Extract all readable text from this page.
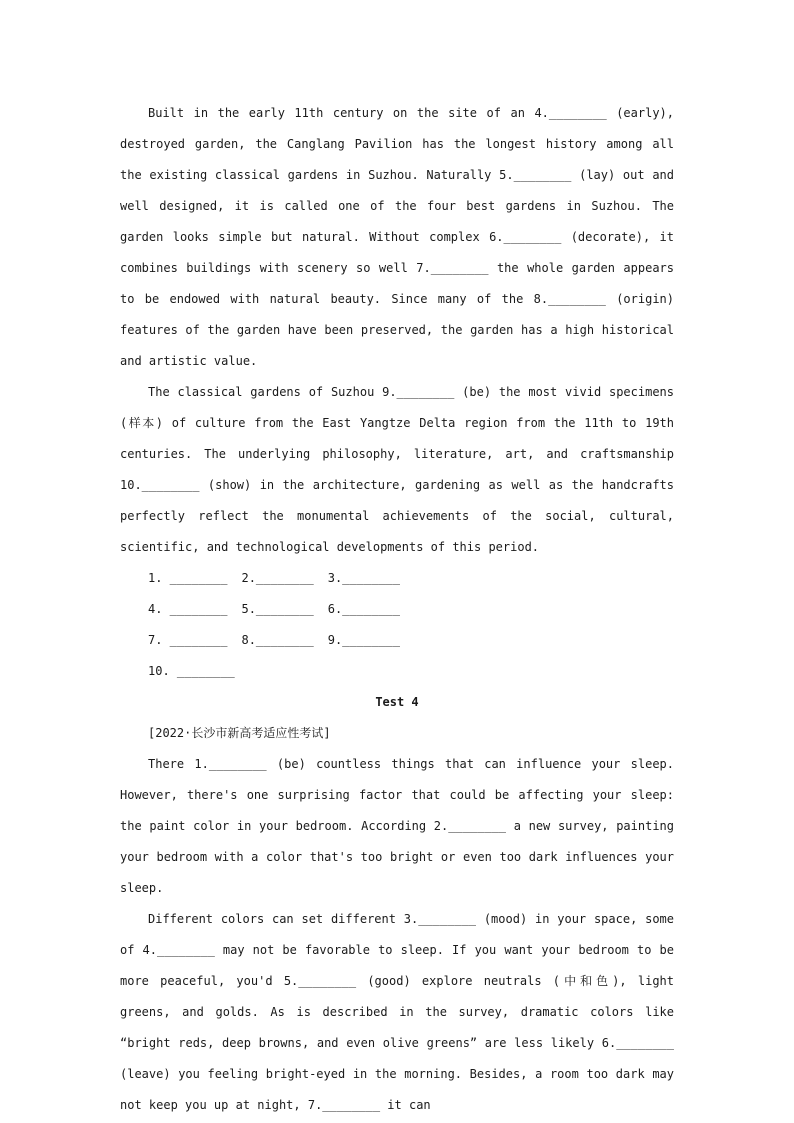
Built in the early 11th century on the site of an 4.________ (early), destroyed garden, the Canglang Pavilion has the longest history among all the existing classical gardens in Suzhou. Naturally 5.________ (lay) out and well designed, it is called one of the four best gardens in Suzhou. The garden looks simple but natural. Without complex 6.________ (decorate), it combines buildings with scenery so well 7.________ the whole garden appears to be endowed with natural beauty. Since many of the 8.________ (origin) features of the garden have been preserved, the garden has a high historical and artistic value.

The classical gardens of Suzhou 9.________ (be) the most vivid specimens (样本) of culture from the East Yangtze Delta region from the 11th to 19th centuries. The underlying philosophy, literature, art, and craftsmanship 10.________ (show) in the architecture, gardening as well as the handcrafts perfectly reflect the monumental achievements of the social, cultural, scientific, and technological developments of this period.

1. ________ 2.________ 3.________
4. ________ 5.________ 6.________
7. ________ 8.________ 9.________
10. ________

Test 4

[2022·长沙市新高考适应性考试]

There 1.________ (be) countless things that can influence your sleep. However, there's one surprising factor that could be affecting your sleep: the paint color in your bedroom. According 2.________ a new survey, painting your bedroom with a color that's too bright or even too dark influences your sleep.

Different colors can set different 3.________ (mood) in your space, some of 4.________ may not be favorable to sleep. If you want your bedroom to be more peaceful, you'd 5.________ (good) explore neutrals (中和色), light greens, and golds. As is described in the survey, dramatic colors like “bright reds, deep browns, and even olive greens” are less likely 6.________ (leave) you feeling bright-eyed in the morning. Besides, a room too dark may not keep you up at night, 7.________ it can
